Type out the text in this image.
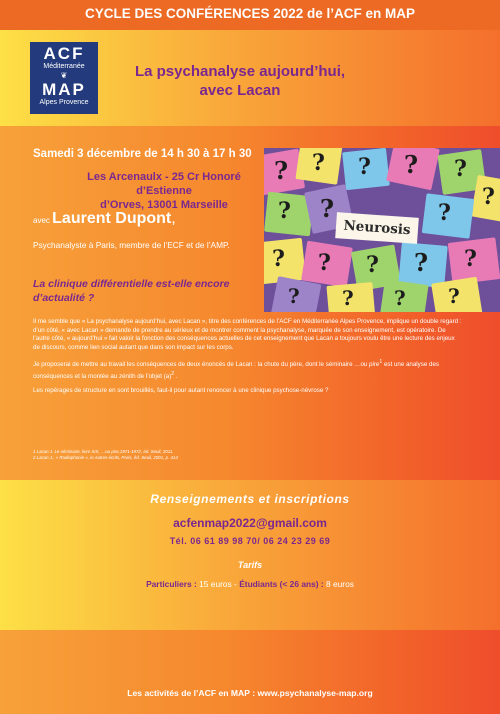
CYCLE DES CONFÉRENCES 2022 de l’ACF en MAP
ACF
Méditerranée
❦
MAP
Alpes Provence
La psychanalyse aujourd’hui,
avec Lacan
Samedi 3 décembre de 14 h 30 à 17 h 30
Les Arcenaulx - 25 Cr Honoré d’Estienne
d’Orves, 13001 Marseille
avec Laurent Dupont,
Psychanalyste à Paris, membre de l’ECF et de l’AMP.
La clinique différentielle est-elle encore d’actualité ?
? ? ? ? ?
?
? ?	?
? ? ? ? ?
? ? ? ?
Neurosis

Il me semble que « La psychanalyse aujourd’hui, avec Lacan », titre des conférences de l’ACF en Méditerranée Alpes Provence, implique un double regard : d’un côté, « avec Lacan » demande de prendre au sérieux et de montrer comment la psychanalyse, marquée de son enseignement, est opératoire. De l’autre côté, « aujourd’hui » fait valoir la fonction des conséquences actuelles de cet enseignement que Lacan a toujours voulu être une lecture des enjeux de discours, comme lien social autant que dans son impact sur les corps.

Je proposerai de mettre au travail les conséquences de deux énoncés de Lacan : la chute du père, dont le séminaire …ou pire$^1$ est une analyse des conséquences et la montée au zénith de l’objet $(a)^2$ .

Les repérages de structure en sont brouillés, faut-il pour autant renoncer à une clinique psychose-névrose ?

1 Lacan J. Le séminaire, livre XIX, …ou pire,1971-1972, éd. Seuil, 2011.
2 Lacan J., « Radiophonie », in Autres écrits, Paris, éd. Seuil, 2001, p. 414
Renseignements et inscriptions
acfenmap2022@gmail.com
Tél. 06 61 89 98 70/ 06 24 23 29 69
Tarifs
Particuliers : 15 euros - Étudiants (< 26 ans) : 8 euros
Les activités de l’ACF en MAP : www.psychanalyse-map.org
